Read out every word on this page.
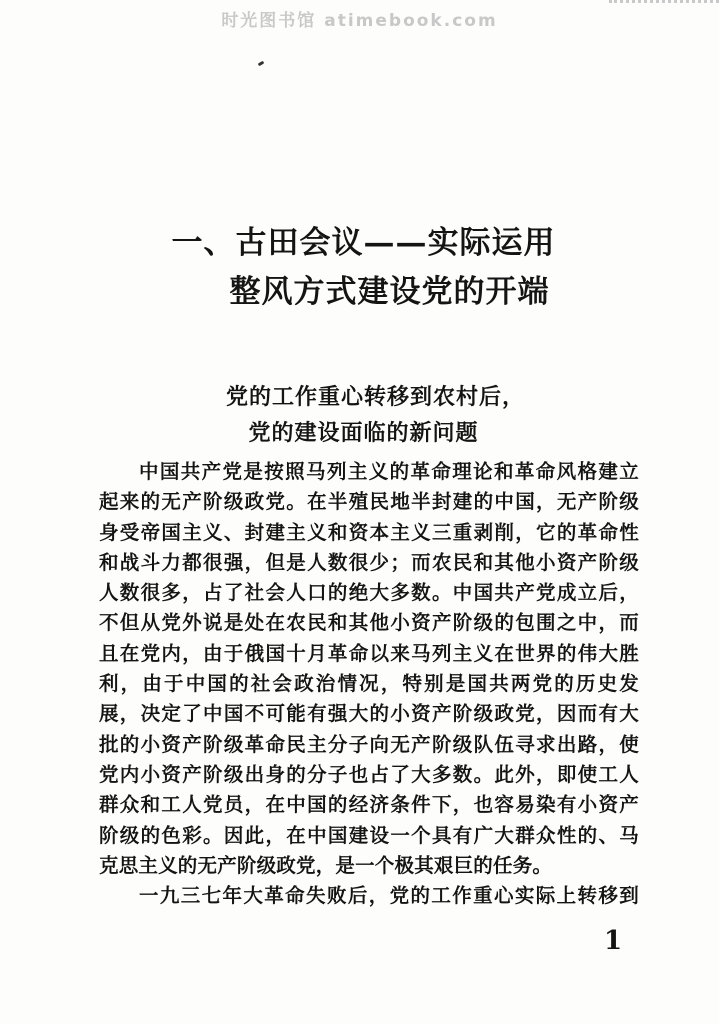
时光图书馆 atimebook.com
一、古田会议——实际运用
整风方式建设党的开端
党的工作重心转移到农村后，
党的建设面临的新问题
中国共产党是按照马列主义的革命理论和革命风格建立
起来的无产阶级政党。在半殖民地半封建的中国，无产阶级
身受帝国主义、封建主义和资本主义三重剥削，它的革命性
和战斗力都很强，但是人数很少；而农民和其他小资产阶级
人数很多，占了社会人口的绝大多数。中国共产党成立后，
不但从党外说是处在农民和其他小资产阶级的包围之中，而
且在党内，由于俄国十月革命以来马列主义在世界的伟大胜
利，由于中国的社会政治情况，特别是国共两党的历史发
展，决定了中国不可能有强大的小资产阶级政党，因而有大
批的小资产阶级革命民主分子向无产阶级队伍寻求出路，使
党内小资产阶级出身的分子也占了大多数。此外，即使工人
群众和工人党员，在中国的经济条件下，也容易染有小资产
阶级的色彩。因此，在中国建设一个具有广大群众性的、马
克思主义的无产阶级政党，是一个极其艰巨的任务。
一九三七年大革命失败后，党的工作重心实际上转移到
1
